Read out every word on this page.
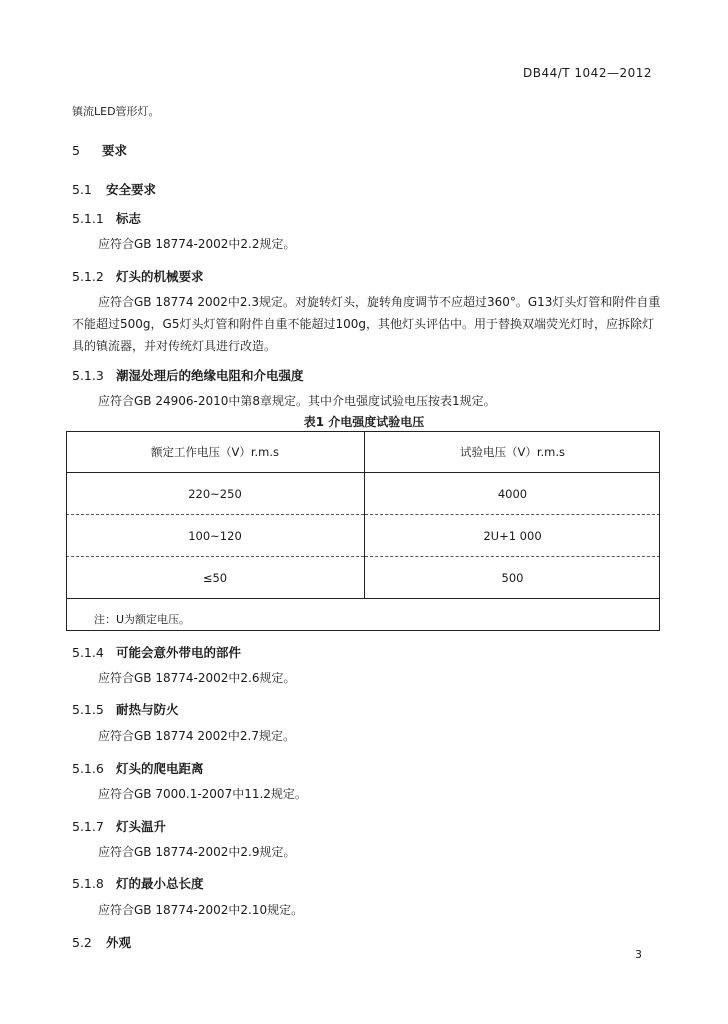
DB44/T 1042—2012
镇流LED管形灯。
5 要求
5.1 安全要求
5.1.1 标志
应符合GB 18774-2002中2.2规定。
5.1.2 灯头的机械要求
应符合GB 18774 2002中2.3规定。对旋转灯头，旋转角度调节不应超过360°。G13灯头灯管和附件自重不能超过500g，G5灯头灯管和附件自重不能超过100g，其他灯头评估中。用于替换双端荧光灯时，应拆除灯具的镇流器，并对传统灯具进行改造。
5.1.3 潮湿处理后的绝缘电阻和介电强度
应符合GB 24906-2010中第8章规定。其中介电强度试验电压按表1规定。
表1 介电强度试验电压
额定工作电压（V）r.m.s	试验电压（V）r.m.s
220~250	4000
100~120	2U+1 000
≤50	500
注：U为额定电压。	
5.1.4 可能会意外带电的部件
应符合GB 18774-2002中2.6规定。
5.1.5 耐热与防火
应符合GB 18774 2002中2.7规定。
5.1.6 灯头的爬电距离
应符合GB 7000.1-2007中11.2规定。
5.1.7 灯头温升
应符合GB 18774-2002中2.9规定。
5.1.8 灯的最小总长度
应符合GB 18774-2002中2.10规定。
5.2 外观
3
